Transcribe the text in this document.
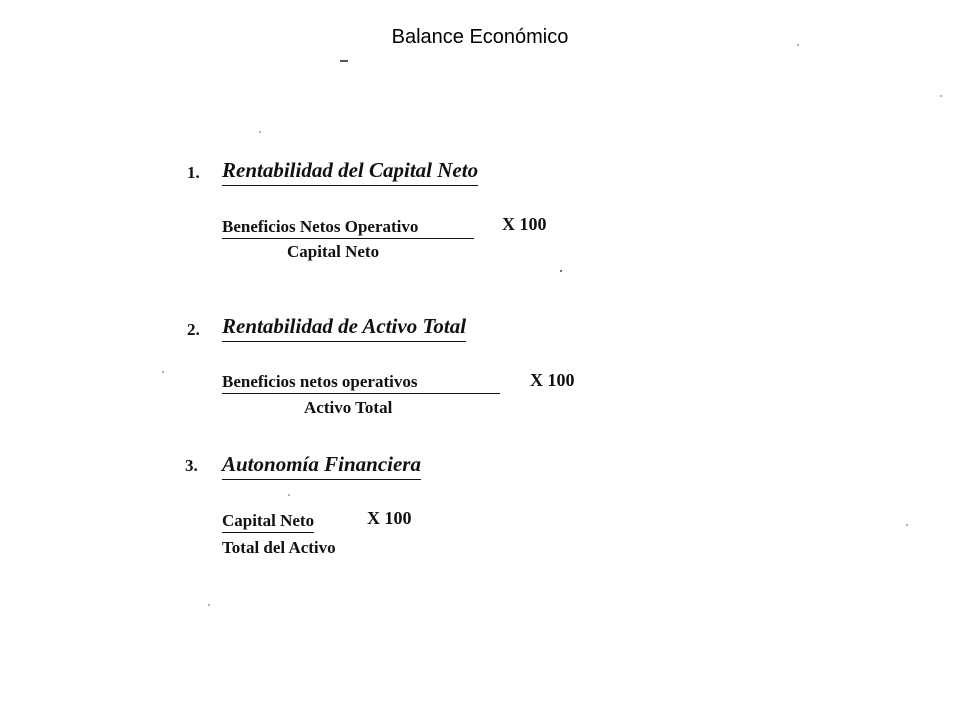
Balance Económico
1. Rentabilidad del Capital Neto
Beneficios Netos Operativo	X 100
Capital Neto
2. Rentabilidad de Activo Total
Beneficios netos operativos	X 100
Activo Total
3. Autonomía Financiera
Capital Neto	X 100
Total del Activo
